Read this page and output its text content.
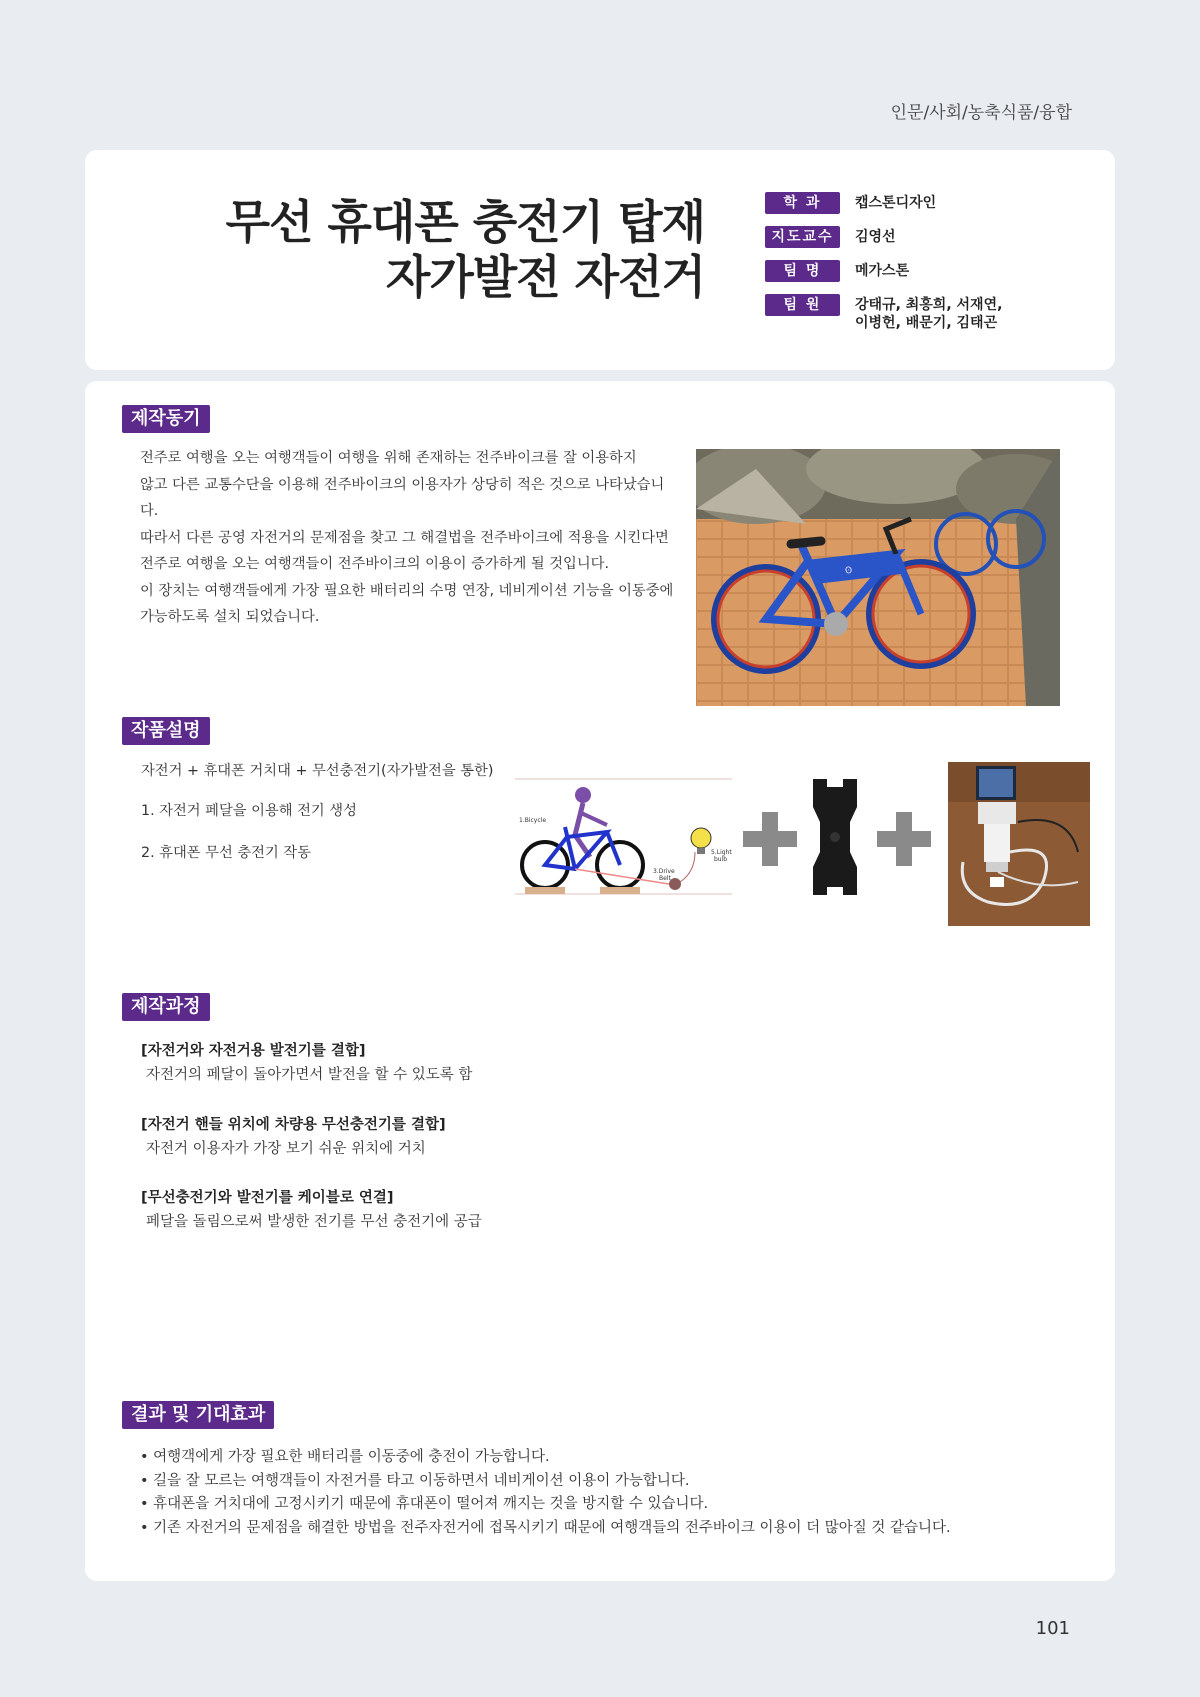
인문/사회/농축식품/융합
무선 휴대폰 충전기 탑재
자가발전 자전거
학 과	캡스톤디자인
지도교수	김영선
팀 명	메가스톤
팀 원	강태규, 최홍희, 서재연, 이병헌, 배문기, 김태곤
제작동기
전주로 여행을 오는 여행객들이 여행을 위해 존재하는 전주바이크를 잘 이용하지
않고 다른 교통수단을 이용해 전주바이크의 이용자가 상당히 적은 것으로 나타났습니다.
따라서 다른 공영 자전거의 문제점을 찾고 그 해결법을 전주바이크에 적용을 시킨다면
전주로 여행을 오는 여행객들이 전주바이크의 이용이 증가하게 될 것입니다.
이 장치는 여행객들에게 가장 필요한 배터리의 수명 연장, 네비게이션 기능을 이동중에
가능하도록 설치 되었습니다.
ʘ
작품설명
자전거 + 휴대폰 거치대 + 무선충전기(자가발전을 통한)
1. 자전거 페달을 이용해 전기 생성
2. 휴대폰 무선 충전기 작동
1.Bicycle
3.Drive
Belt
5.Light
bulb
제작과정
[자전거와 자전거용 발전기를 결합]
자전거의 페달이 돌아가면서 발전을 할 수 있도록 함
[자전거 핸들 위치에 차량용 무선충전기를 결합]
자전거 이용자가 가장 보기 쉬운 위치에 거치
[무선충전기와 발전기를 케이블로 연결]
페달을 돌림으로써 발생한 전기를 무선 충전기에 공급
결과 및 기대효과
• 여행객에게 가장 필요한 배터리를 이동중에 충전이 가능합니다.
• 길을 잘 모르는 여행객들이 자전거를 타고 이동하면서 네비게이션 이용이 가능합니다.
• 휴대폰을 거치대에 고정시키기 때문에 휴대폰이 떨어져 깨지는 것을 방지할 수 있습니다.
• 기존 자전거의 문제점을 해결한 방법을 전주자전거에 접목시키기 때문에 여행객들의 전주바이크 이용이 더 많아질 것 같습니다.
101
